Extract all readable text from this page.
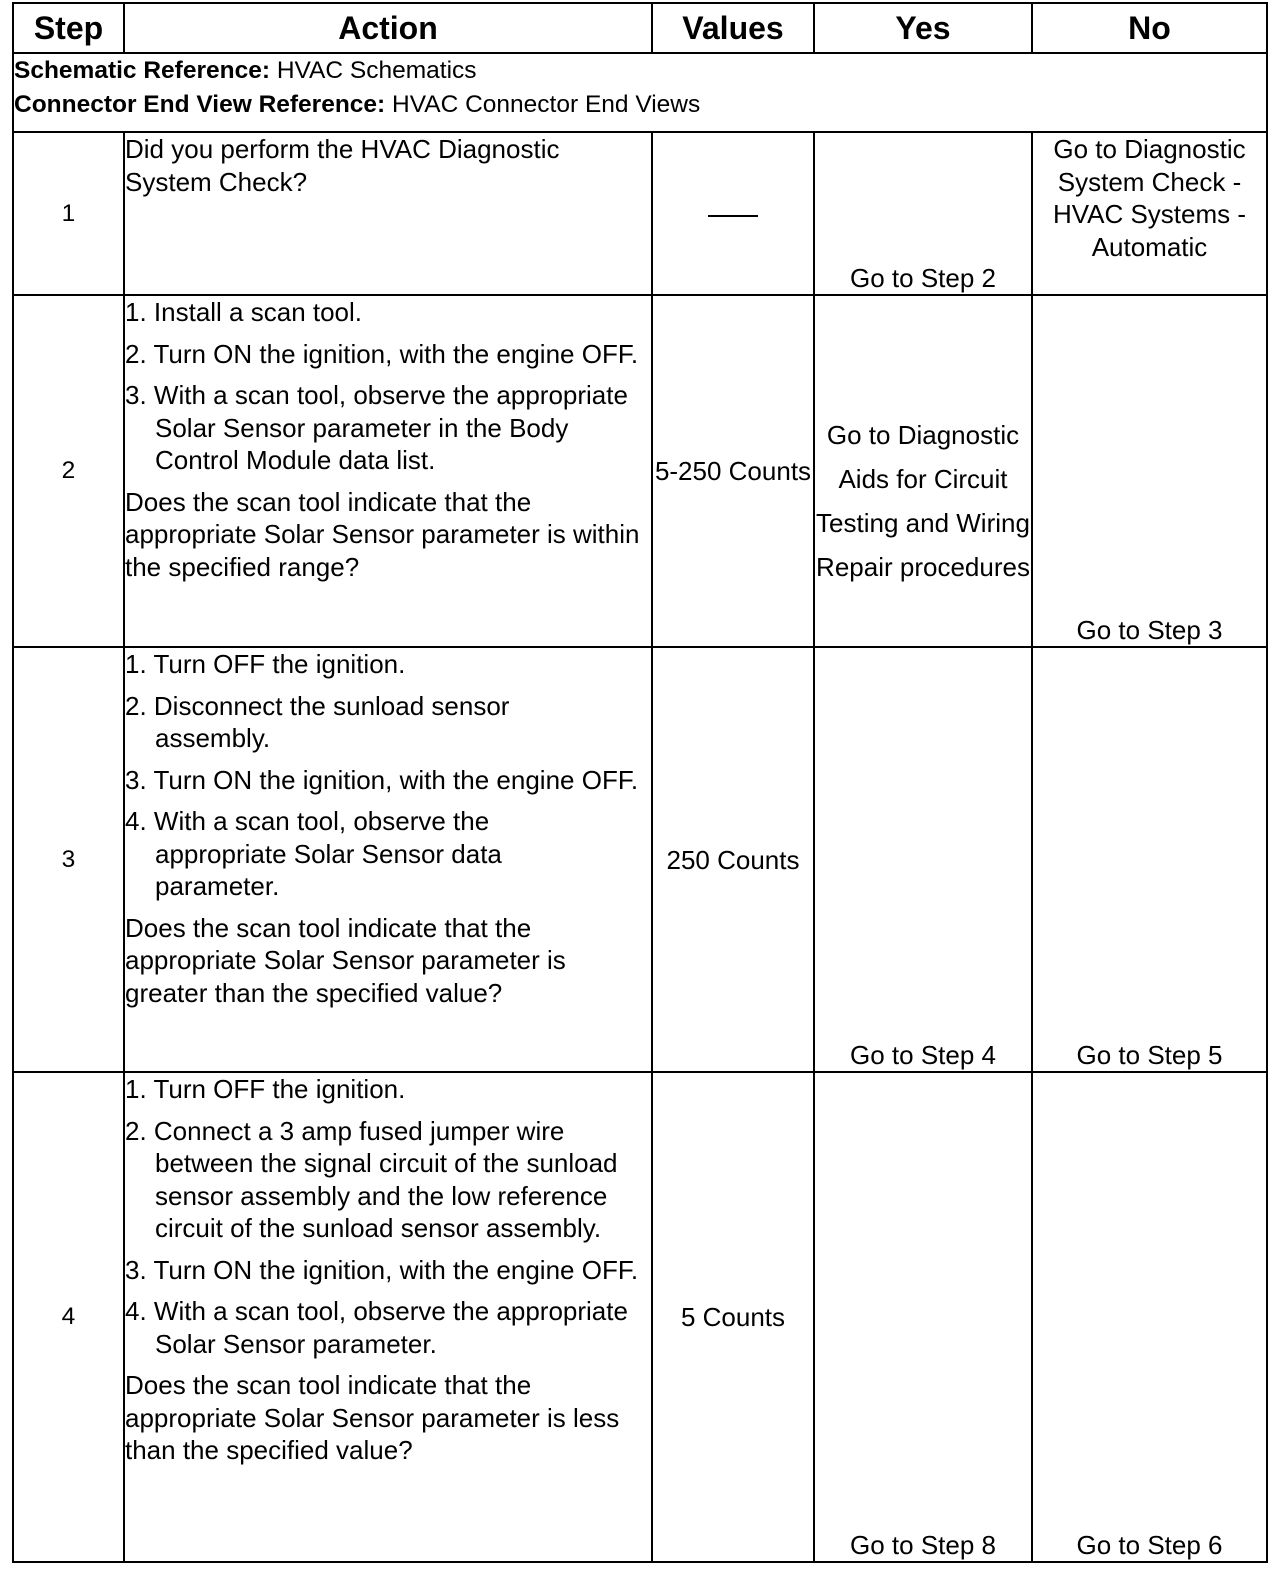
Step	Action	Values	Yes	No

Schematic Reference: HVAC Schematics
Connector End View Reference: HVAC Connector End Views				

1	Did you perform the HVAC Diagnostic System Check?		Go to Step 2	Go to Diagnostic System Check - HVAC Systems - Automatic
2	1. Install a scan tool.

2. Turn ON the ignition, with the engine OFF.

3. With a scan tool, observe the appropriate Solar Sensor parameter in the Body Control Module data list.

Does the scan tool indicate that the appropriate Solar Sensor parameter is within the specified range?	5-250 Counts	Go to Diagnostic Aids for Circuit Testing and Wiring Repair procedures	Go to Step 3
3	1. Turn OFF the ignition.

2. Disconnect the sunload sensor assembly.

3. Turn ON the ignition, with the engine OFF.

4. With a scan tool, observe the appropriate Solar Sensor data parameter.

Does the scan tool indicate that the appropriate Solar Sensor parameter is greater than the specified value?	250 Counts	Go to Step 4	Go to Step 5
4	1. Turn OFF the ignition.

2. Connect a 3 amp fused jumper wire between the signal circuit of the sunload sensor assembly and the low reference circuit of the sunload sensor assembly.

3. Turn ON the ignition, with the engine OFF.

4. With a scan tool, observe the appropriate Solar Sensor parameter.

Does the scan tool indicate that the appropriate Solar Sensor parameter is less than the specified value?	5 Counts	Go to Step 8	Go to Step 6
